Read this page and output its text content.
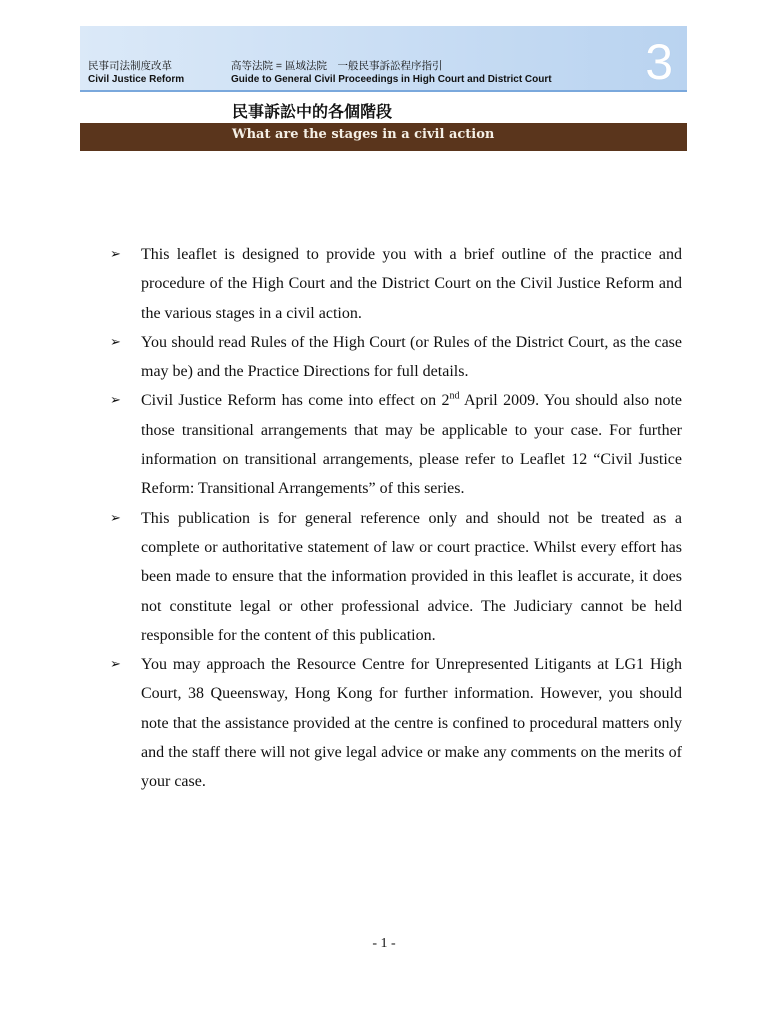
民事司法制度改革
Civil Justice Reform
高等法院 = 區域法院　一般民事訴訟程序指引
Guide to General Civil Proceedings in High Court and District Court 3
民事訴訟中的各個階段
What are the stages in a civil action
➢ This leaflet is designed to provide you with a brief outline of the practice and procedure of the High Court and the District Court on the Civil Justice Reform and the various stages in a civil action.
➢ You should read Rules of the High Court (or Rules of the District Court, as the case may be) and the Practice Directions for full details.
➢ Civil Justice Reform has come into effect on 2nd April 2009. You should also note those transitional arrangements that may be applicable to your case. For further information on transitional arrangements, please refer to Leaflet 12 “Civil Justice Reform: Transitional Arrangements” of this series.
➢ This publication is for general reference only and should not be treated as a complete or authoritative statement of law or court practice. Whilst every effort has been made to ensure that the information provided in this leaflet is accurate, it does not constitute legal or other professional advice. The Judiciary cannot be held responsible for the content of this publication.
➢ You may approach the Resource Centre for Unrepresented Litigants at LG1 High Court, 38 Queensway, Hong Kong for further information. However, you should note that the assistance provided at the centre is confined to procedural matters only and the staff there will not give legal advice or make any comments on the merits of your case.
- 1 -
